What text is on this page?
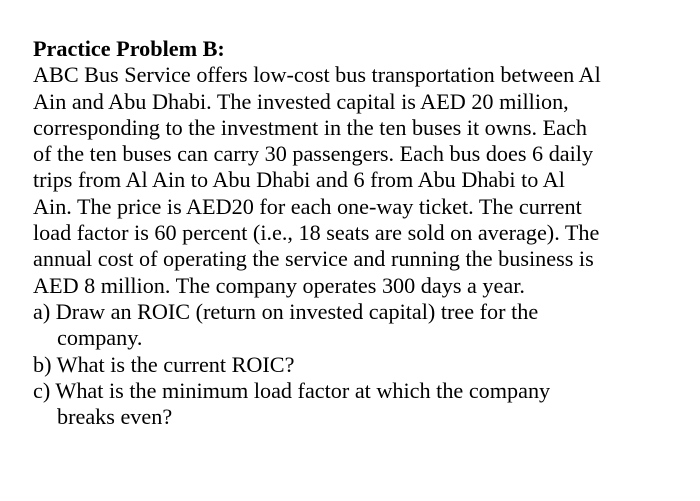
Practice Problem B:
ABC Bus Service offers low-cost bus transportation between Al
Ain and Abu Dhabi. The invested capital is AED 20 million,
corresponding to the investment in the ten buses it owns. Each
of the ten buses can carry 30 passengers. Each bus does 6 daily
trips from Al Ain to Abu Dhabi and 6 from Abu Dhabi to Al
Ain. The price is AED20 for each one-way ticket. The current
load factor is 60 percent (i.e., 18 seats are sold on average). The
annual cost of operating the service and running the business is
AED 8 million. The company operates 300 days a year.
a) Draw an ROIC (return on invested capital) tree for the
company.
b) What is the current ROIC?
c) What is the minimum load factor at which the company
breaks even?
